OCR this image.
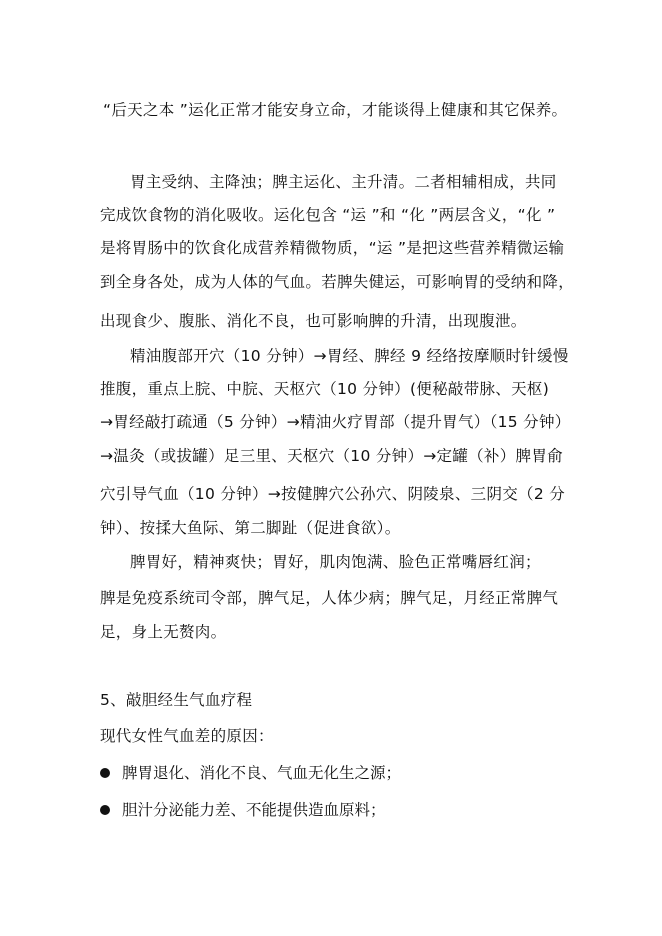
“后天之本 ”运化正常才能安身立命，才能谈得上健康和其它保养。
胃主受纳、主降浊；脾主运化、主升清。二者相辅相成，共同
完成饮食物的消化吸收。运化包含 “运 ”和 “化 ”两层含义，“化 ”
是将胃肠中的饮食化成营养精微物质，“运 ”是把这些营养精微运输
到全身各处，成为人体的气血。若脾失健运，可影响胃的受纳和降，
出现食少、腹胀、消化不良，也可影响脾的升清，出现腹泄。
精油腹部开穴（10 分钟）→胃经、脾经 9 经络按摩顺时针缓慢
推腹，重点上脘、中脘、天枢穴（10 分钟）(便秘敲带脉、天枢)
→胃经敲打疏通（5 分钟）→精油火疗胃部（提升胃气）（15 分钟）
→温灸（或拔罐）足三里、天枢穴（10 分钟）→定罐（补）脾胃俞
穴引导气血（10 分钟）→按健脾穴公孙穴、阴陵泉、三阴交（2 分
钟）、按揉大鱼际、第二脚趾（促进食欲）。
脾胃好，精神爽快；胃好，肌肉饱满、脸色正常嘴唇红润；
脾是免疫系统司令部，脾气足，人体少病；脾气足，月经正常脾气
足，身上无赘肉。
5、敲胆经生气血疗程
现代女性气血差的原因：
脾胃退化、消化不良、气血无化生之源；
胆汁分泌能力差、不能提供造血原料；
